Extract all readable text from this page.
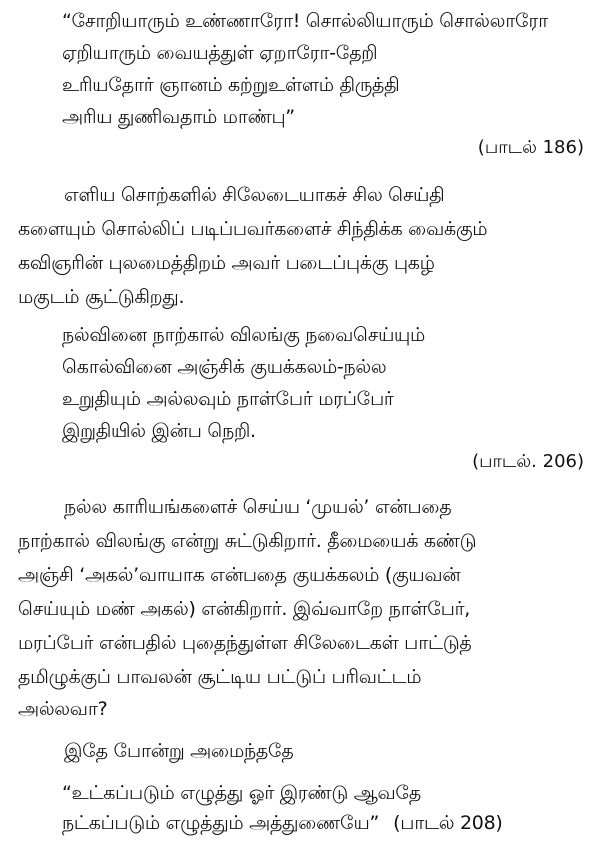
“சோறியாரும் உண்ணாரோ! சொல்லியாரும் சொல்லாரோ
ஏறியாரும் வையத்துள் ஏறாரோ-தேறி
உரியதோர் ஞானம் கற்றுஉள்ளம் திருத்தி
அரிய துணிவதாம் மாண்பு”
(பாடல் 186)
எளிய சொற்களில் சிலேடையாகச் சில செய்தி
களையும் சொல்லிப் படிப்பவர்களைச் சிந்திக்க வைக்கும்
கவிஞரின் புலமைத்திறம் அவர் படைப்புக்கு புகழ்
மகுடம் சூட்டுகிறது.
நல்வினை நாற்கால் விலங்கு நவைசெய்யும்
கொல்வினை அஞ்சிக் குயக்கலம்-நல்ல
உறுதியும் அல்லவும் நாள்பேர் மரப்பேர்
இறுதியில் இன்ப நெறி.
(பாடல். 206)
நல்ல காரியங்களைச் செய்ய ‘முயல்’ என்பதை
நாற்கால் விலங்கு என்று சுட்டுகிறார். தீமையைக் கண்டு
அஞ்சி ‘அகல்’வாயாக என்பதை குயக்கலம் (குயவன்
செய்யும் மண் அகல்) என்கிறார். இவ்வாறே நாள்பேர்,
மரப்பேர் என்பதில் புதைந்துள்ள சிலேடைகள் பாட்டுத்
தமிழுக்குப் பாவலன் சூட்டிய பட்டுப் பரிவட்டம்
அல்லவா?
இதே போன்று அமைந்ததே
“உட்கப்படும் எழுத்து ஓர் இரண்டு ஆவதே
நட்கப்படும் எழுத்தும் அத்துணையே” (பாடல் 208)
